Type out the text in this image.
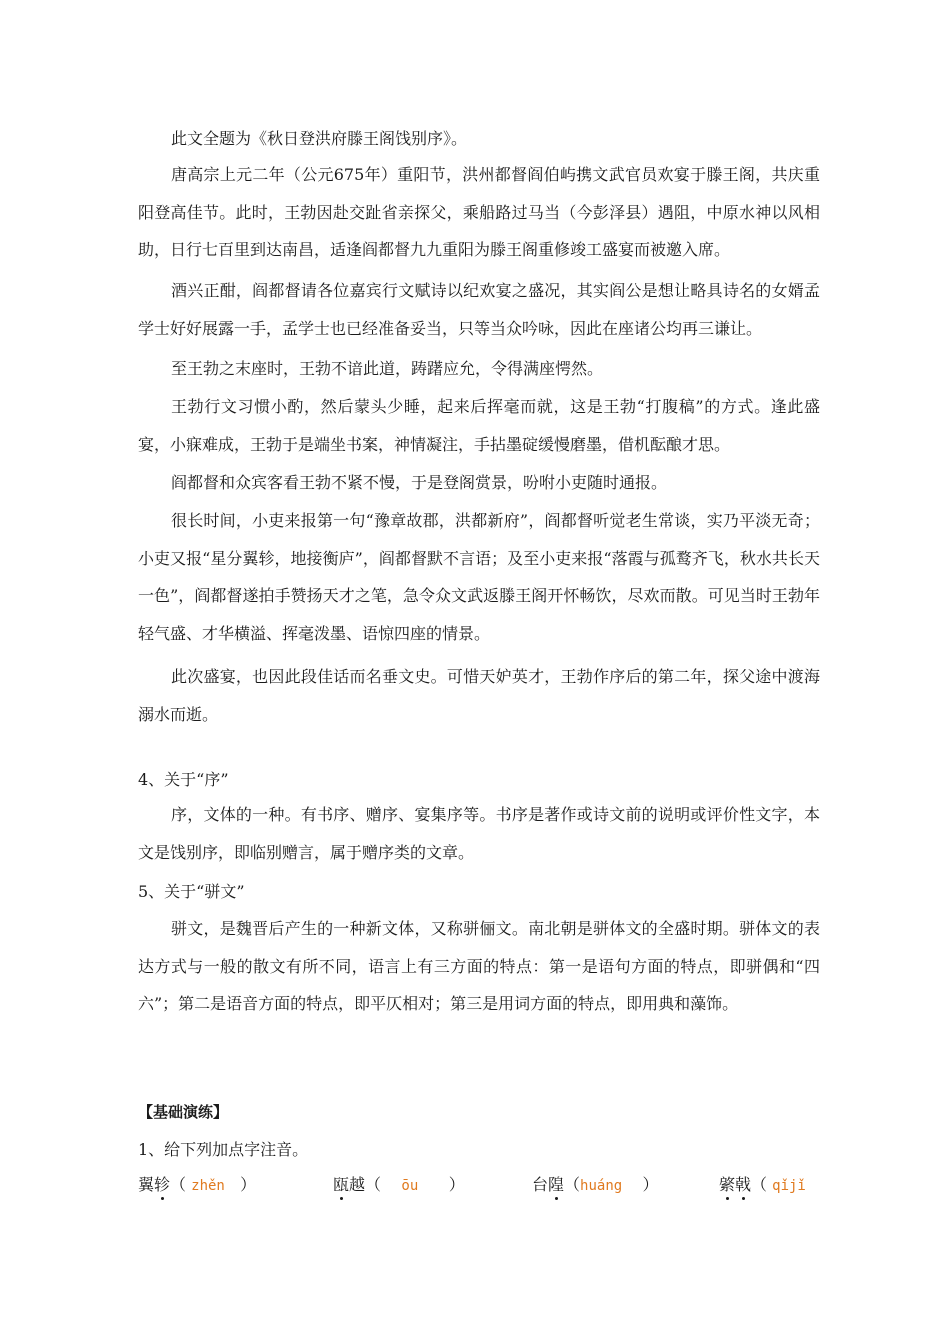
此文全题为《秋日登洪府滕王阁饯别序》。

唐高宗上元二年（公元675年）重阳节，洪州都督阎伯屿携文武官员欢宴于滕王阁，共庆重阳登高佳节。此时，王勃因赴交趾省亲探父，乘船路过马当（今彭泽县）遇阻，中原水神以风相助，日行七百里到达南昌，适逢阎都督九九重阳为滕王阁重修竣工盛宴而被邀入席。

酒兴正酣，阎都督请各位嘉宾行文赋诗以纪欢宴之盛况，其实阎公是想让略具诗名的女婿孟学士好好展露一手，孟学士也已经准备妥当，只等当众吟咏，因此在座诸公均再三谦让。

至王勃之末座时，王勃不谙此道，踌躇应允，令得满座愕然。

王勃行文习惯小酌，然后蒙头少睡，起来后挥毫而就，这是王勃“打腹稿”的方式。逢此盛宴，小寐难成，王勃于是端坐书案，神情凝注，手拈墨碇缓慢磨墨，借机酝酿才思。

阎都督和众宾客看王勃不紧不慢，于是登阁赏景，吩咐小吏随时通报。

很长时间，小吏来报第一句“豫章故郡，洪都新府”，阎都督听觉老生常谈，实乃平淡无奇；小吏又报“星分翼轸，地接衡庐”，阎都督默不言语；及至小吏来报“落霞与孤鹜齐飞，秋水共长天一色”，阎都督遂拍手赞扬天才之笔，急令众文武返滕王阁开怀畅饮，尽欢而散。可见当时王勃年轻气盛、才华横溢、挥毫泼墨、语惊四座的情景。

此次盛宴，也因此段佳话而名垂文史。可惜天妒英才，王勃作序后的第二年，探父途中渡海溺水而逝。

4、关于“序”

序，文体的一种。有书序、赠序、宴集序等。书序是著作或诗文前的说明或评价性文字，本文是饯别序，即临别赠言，属于赠序类的文章。

5、关于“骈文”

骈文，是魏晋后产生的一种新文体，又称骈俪文。南北朝是骈体文的全盛时期。骈体文的表达方式与一般的散文有所不同，语言上有三方面的特点：第一是语句方面的特点，即骈偶和“四六”；第二是语音方面的特点，即平仄相对；第三是用词方面的特点，即用典和藻饰。

【基础演练】

1、给下列加点字注音。

翼轸（ zhěn ）	瓯越（ ōu ）	台隍（huáng ）	綮戟（ qǐjǐ
